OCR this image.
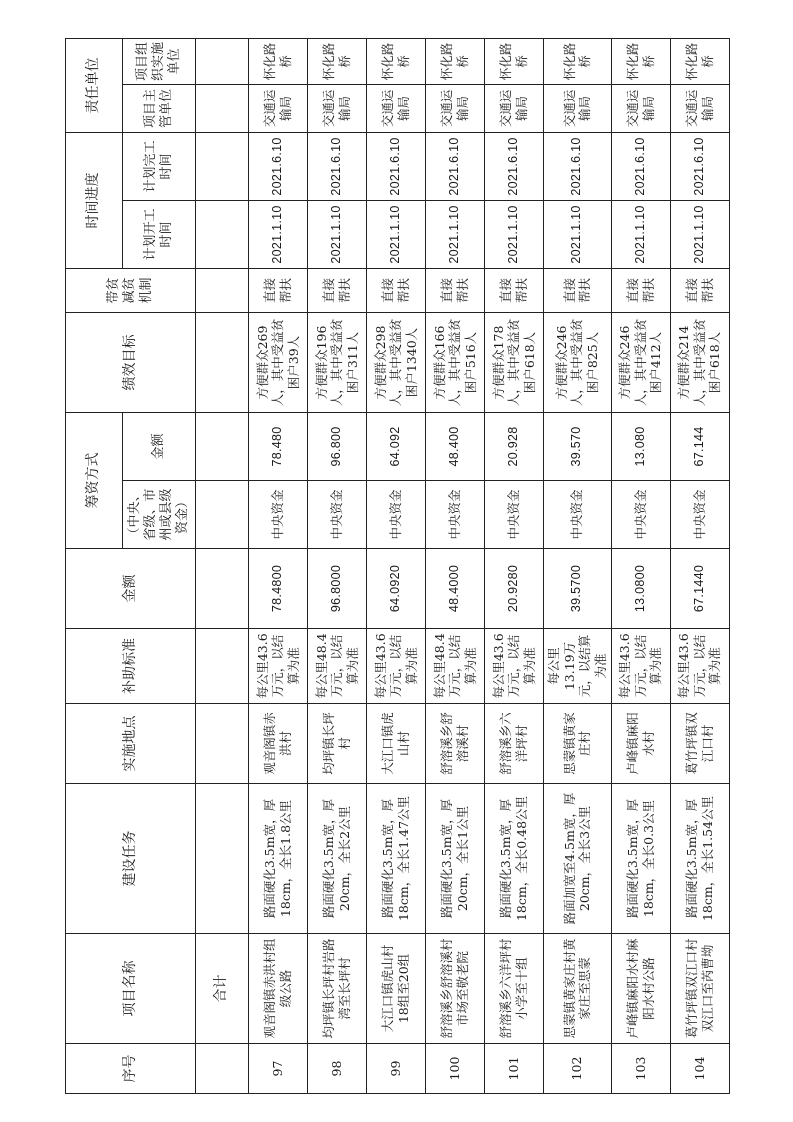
序号	项目名称	建设任务	实施地点	补助标准	金额	筹资方式		绩效目标	带贫减贫机制	时间进度		责任单位	
						（中央、省级、市州或县级资金）	金额			计划开工时间	计划完工时间	项目主管单位	项目组织实施单位
	合计												
97	观音阁镇赤洪村组级公路	路面硬化3.5m宽，厚18cm，全长1.8公里	观音阁镇赤洪村	每公里43.6万元，以结算为准	78.4800	中央资金	78.480	方便群众269人，其中受益贫困户39人	直接帮扶	2021.1.10	2021.6.10	交通运输局	怀化路桥
98	均坪镇长坪村岩路湾至长坪村	路面硬化3.5m宽，厚20cm，全长2公里	均坪镇长坪村	每公里48.4万元，以结算为准	96.8000	中央资金	96.800	方便群众196人，其中受益贫困户311人	直接帮扶	2021.1.10	2021.6.10	交通运输局	怀化路桥
99	大江口镇虎山村18组至20组	路面硬化3.5m宽，厚18cm，全长1.47公里	大江口镇虎山村	每公里43.6万元，以结算为准	64.0920	中央资金	64.092	方便群众298人，其中受益贫困户1340人	直接帮扶	2021.1.10	2021.6.10	交通运输局	怀化路桥
100	舒溶溪乡舒溶溪村市场至敬老院	路面硬化3.5m宽，厚20cm，全长1公里	舒溶溪乡舒溶溪村	每公里48.4万元，以结算为准	48.4000	中央资金	48.400	方便群众166人，其中受益贫困户516人	直接帮扶	2021.1.10	2021.6.10	交通运输局	怀化路桥
101	舒溶溪乡六洋坪村小学至十组	路面硬化3.5m宽，厚18cm，全长0.48公里	舒溶溪乡六洋坪村	每公里43.6万元，以结算为准	20.9280	中央资金	20.928	方便群众178人，其中受益贫困户618人	直接帮扶	2021.1.10	2021.6.10	交通运输局	怀化路桥
102	思蒙镇黄家庄村黄家庄至思蒙	路面加宽至4.5m宽，厚20cm，全长3公里	思蒙镇黄家庄村	每公里13.19万元，以结算为准	39.5700	中央资金	39.570	方便群众246人，其中受益贫困户825人	直接帮扶	2021.1.10	2021.6.10	交通运输局	怀化路桥
103	卢峰镇麻阳水村麻阳水村公路	路面硬化3.5m宽，厚18cm，全长0.3公里	卢峰镇麻阳水村	每公里43.6万元，以结算为准	13.0800	中央资金	13.080	方便群众246人，其中受益贫困户412人	直接帮扶	2021.1.10	2021.6.10	交通运输局	怀化路桥
104	葛竹坪镇双江口村双江口至芮曹坳	路面硬化3.5m宽，厚18cm，全长1.54公里	葛竹坪镇双江口村	每公里43.6万元，以结算为准	67.1440	中央资金	67.144	方便群众214人，其中受益贫困户618人	直接帮扶	2021.1.10	2021.6.10	交通运输局	怀化路桥
